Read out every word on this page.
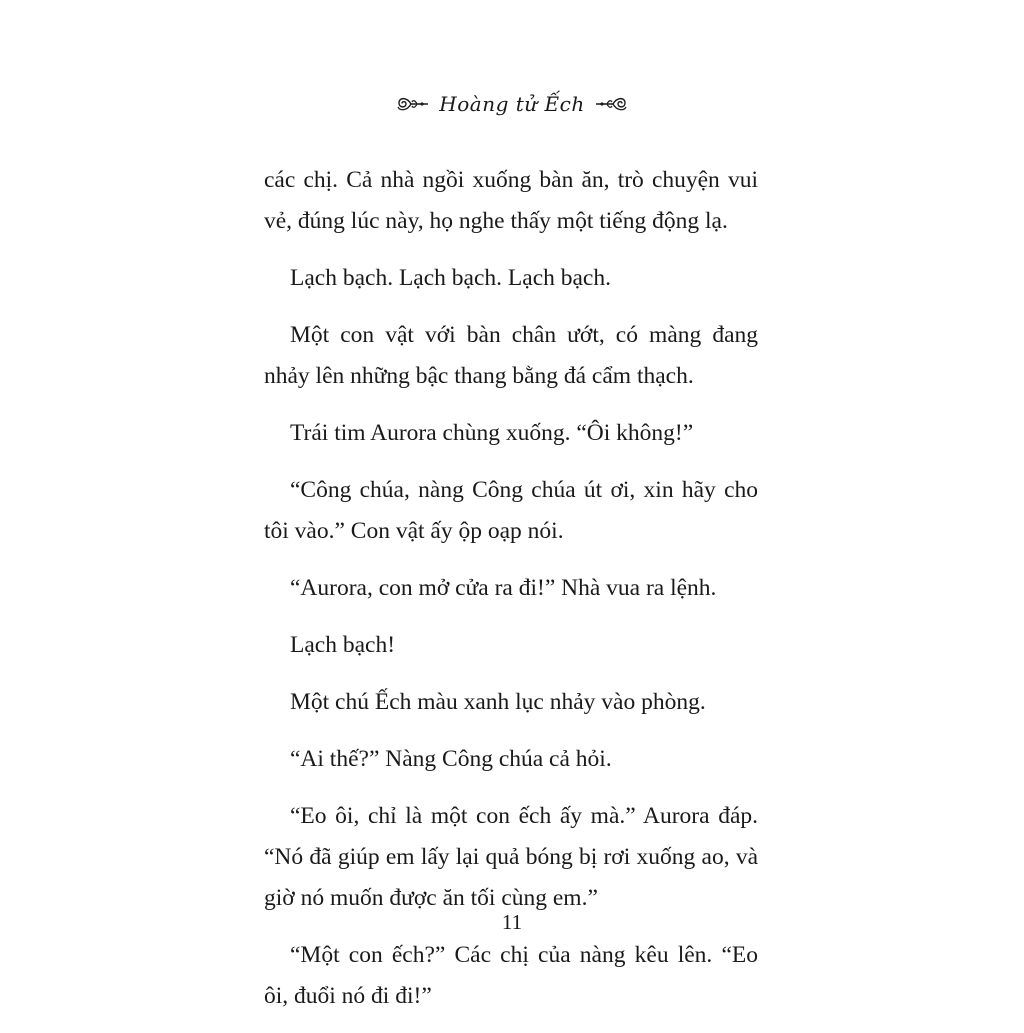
Hoàng tử Ếch

các chị. Cả nhà ngồi xuống bàn ăn, trò chuyện vui vẻ, đúng lúc này, họ nghe thấy một tiếng động lạ.

Lạch bạch. Lạch bạch. Lạch bạch.

Một con vật với bàn chân ướt, có màng đang nhảy lên những bậc thang bằng đá cẩm thạch.

Trái tim Aurora chùng xuống. “Ôi không!”

“Công chúa, nàng Công chúa út ơi, xin hãy cho tôi vào.” Con vật ấy ộp oạp nói.

“Aurora, con mở cửa ra đi!” Nhà vua ra lệnh.

Lạch bạch!

Một chú Ếch màu xanh lục nhảy vào phòng.

“Ai thế?” Nàng Công chúa cả hỏi.

“Eo ôi, chỉ là một con ếch ấy mà.” Aurora đáp. “Nó đã giúp em lấy lại quả bóng bị rơi xuống ao, và giờ nó muốn được ăn tối cùng em.”

“Một con ếch?” Các chị của nàng kêu lên. “Eo ôi, đuổi nó đi đi!”

11
